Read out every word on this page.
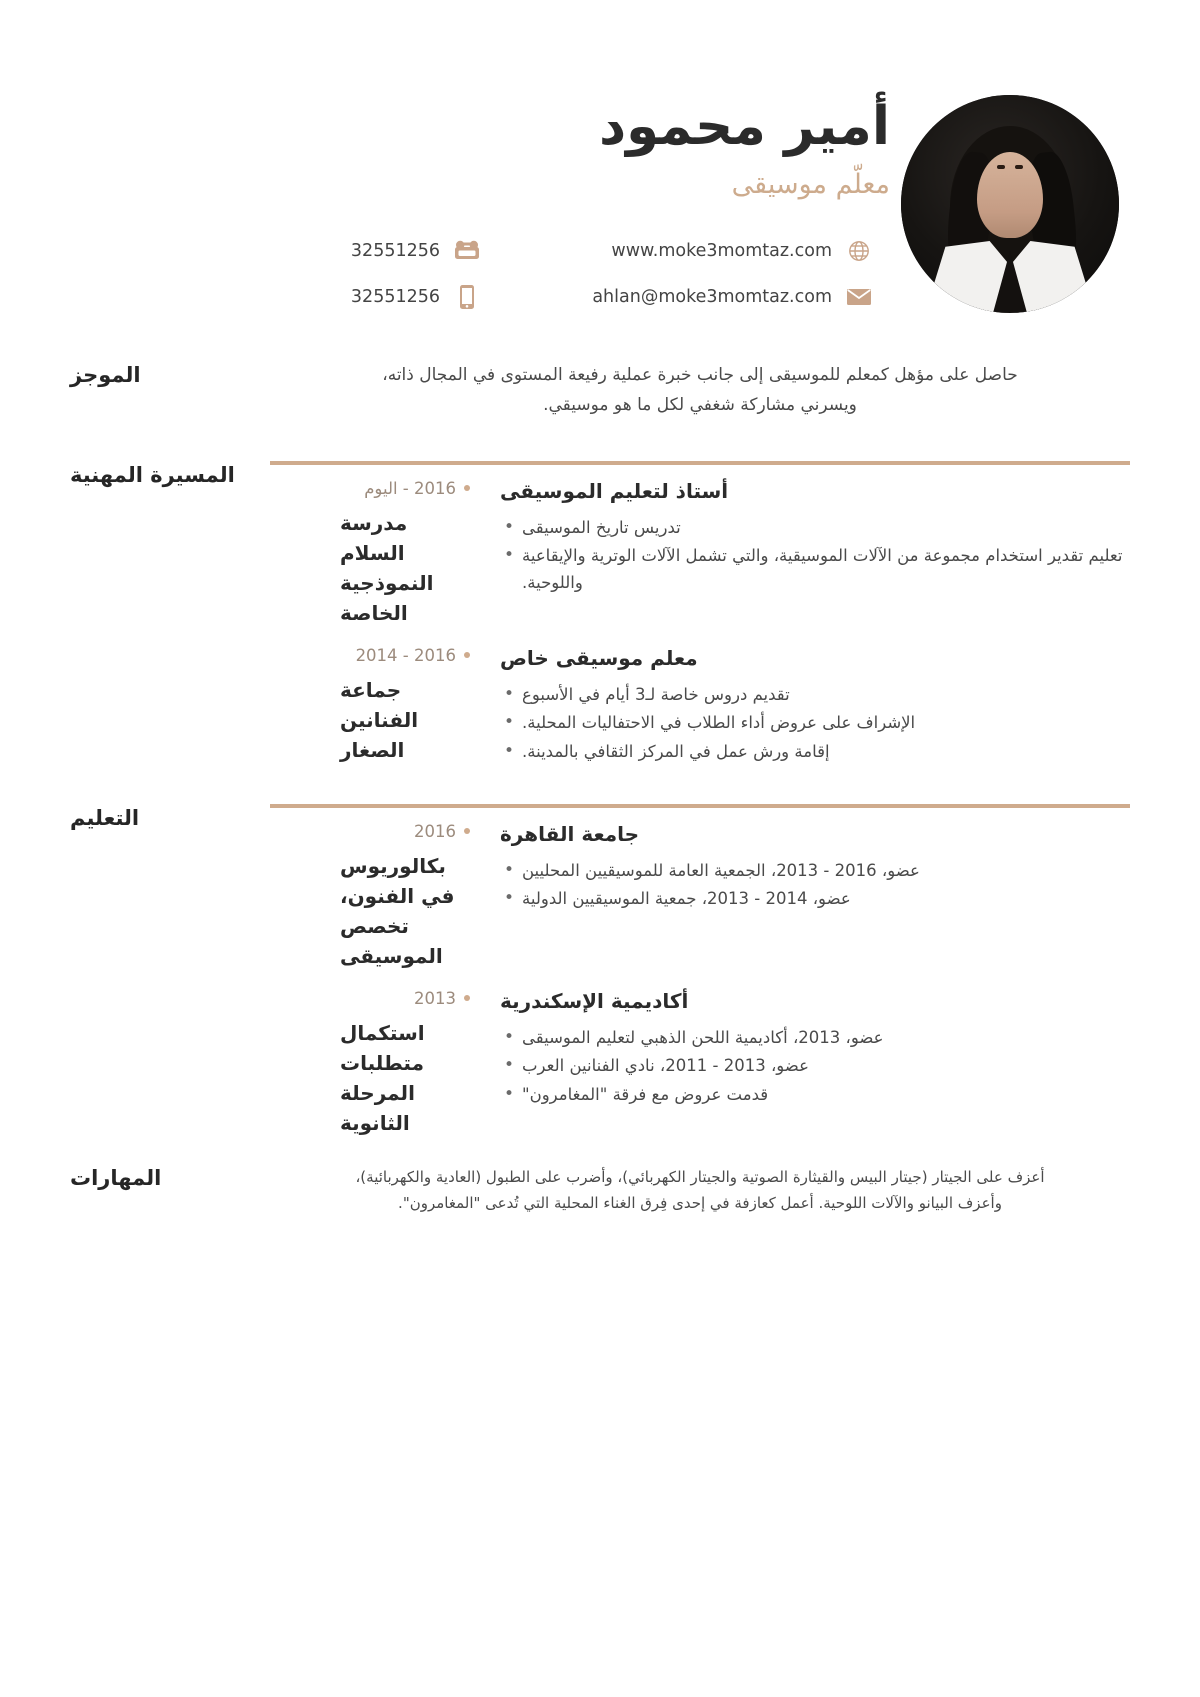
أمير محمود
معلّم موسيقى
www.moke3momtaz.com
32551256
ahlan@moke3momtaz.com
32551256
حاصل على مؤهل كمعلم للموسيقى إلى جانب خبرة عملية رفيعة المستوى في المجال ذاته، ويسرني مشاركة شغفي لكل ما هو موسيقي.
الموجز
أستاذ لتعليم الموسيقى
• تدريس تاريخ الموسيقى
• تعليم تقدير استخدام مجموعة من الآلات الموسيقية، والتي تشمل الآلات الوترية والإيقاعية واللوحية.
2016 - اليوم
مدرسة السلام النموذجية الخاصة
معلم موسيقى خاص
• تقديم دروس خاصة لـ3 أيام في الأسبوع
• الإشراف على عروض أداء الطلاب في الاحتفاليات المحلية.
• إقامة ورش عمل في المركز الثقافي بالمدينة.
2014 - 2016
جماعة الفنانين الصغار
المسيرة المهنية
جامعة القاهرة
• عضو، 2016 - 2013، الجمعية العامة للموسيقيين المحليين
• عضو، 2014 - 2013، جمعية الموسيقيين الدولية
2016
بكالوريوس في الفنون، تخصص الموسيقى
أكاديمية الإسكندرية
• عضو، 2013، أكاديمية اللحن الذهبي لتعليم الموسيقى
• عضو، 2013 - 2011، نادي الفنانين العرب
• قدمت عروض مع فرقة "المغامرون"
2013
استكمال متطلبات المرحلة الثانوية
التعليم
أعزف على الجيتار (جيتار البيس والقيثارة الصوتية والجيتار الكهربائي)، وأضرب على الطبول (العادية والكهربائية)، وأعزف البيانو والآلات اللوحية. أعمل كعازفة في إحدى فِرق الغناء المحلية التي تُدعى "المغامرون".
المهارات
